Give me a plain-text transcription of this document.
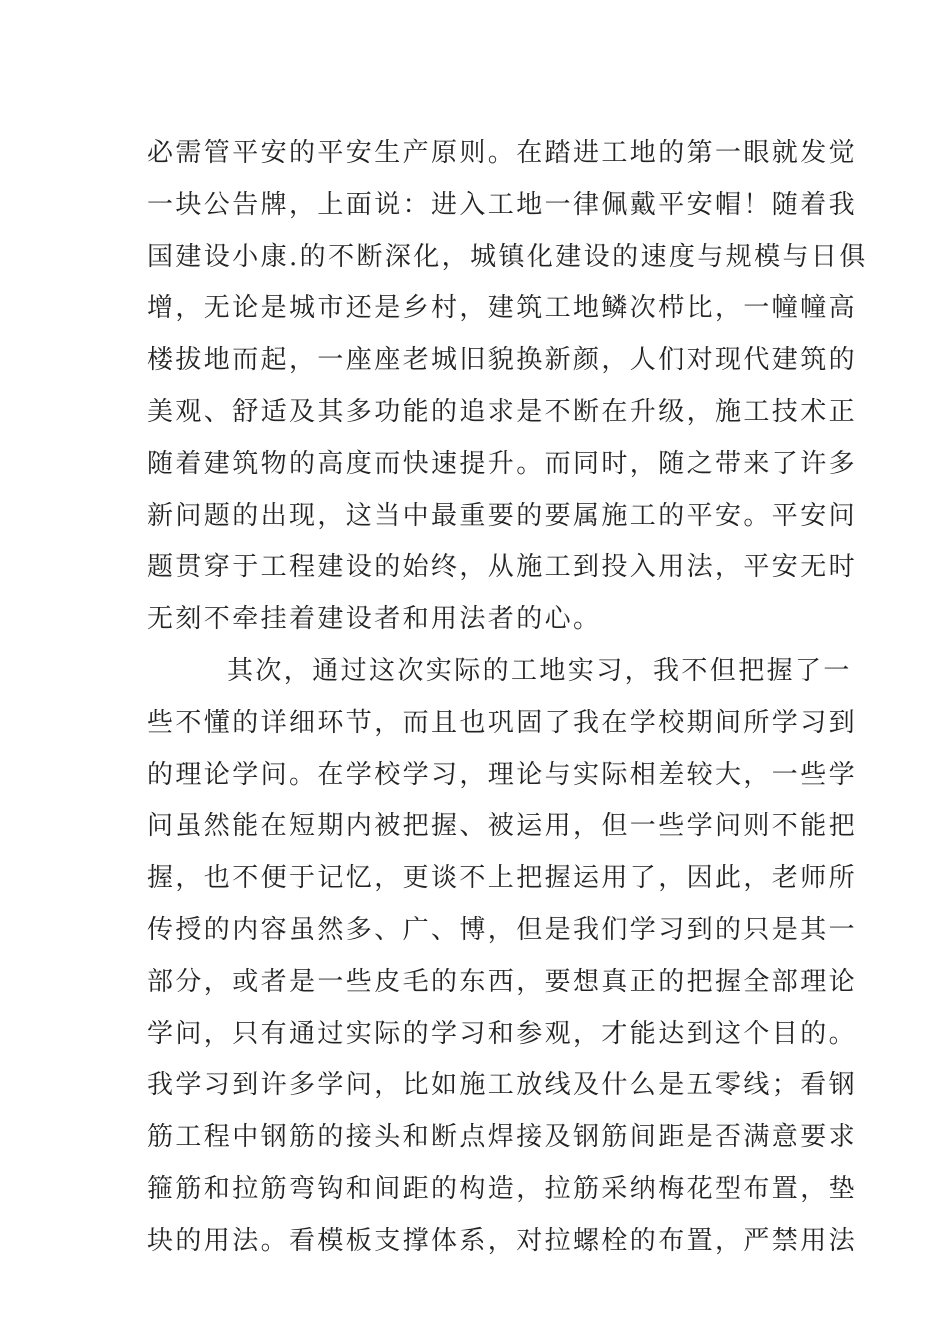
必需管平安的平安生产原则。在踏进工地的第一眼就发觉
一块公告牌，上面说：进入工地一律佩戴平安帽！随着我
国建设小康.的不断深化，城镇化建设的速度与规模与日俱
增，无论是城市还是乡村，建筑工地鳞次栉比，一幢幢高
楼拔地而起，一座座老城旧貌换新颜，人们对现代建筑的
美观、舒适及其多功能的追求是不断在升级，施工技术正
随着建筑物的高度而快速提升。而同时，随之带来了许多
新问题的出现，这当中最重要的要属施工的平安。平安问
题贯穿于工程建设的始终，从施工到投入用法，平安无时
无刻不牵挂着建设者和用法者的心。
其次，通过这次实际的工地实习，我不但把握了一
些不懂的详细环节，而且也巩固了我在学校期间所学习到
的理论学问。在学校学习，理论与实际相差较大，一些学
问虽然能在短期内被把握、被运用，但一些学问则不能把
握，也不便于记忆，更谈不上把握运用了，因此，老师所
传授的内容虽然多、广、博，但是我们学习到的只是其一
部分，或者是一些皮毛的东西，要想真正的把握全部理论
学问，只有通过实际的学习和参观，才能达到这个目的。
我学习到许多学问，比如施工放线及什么是五零线；看钢
筋工程中钢筋的接头和断点焊接及钢筋间距是否满意要求
箍筋和拉筋弯钩和间距的构造，拉筋采纳梅花型布置，垫
块的用法。看模板支撑体系，对拉螺栓的布置，严禁用法
